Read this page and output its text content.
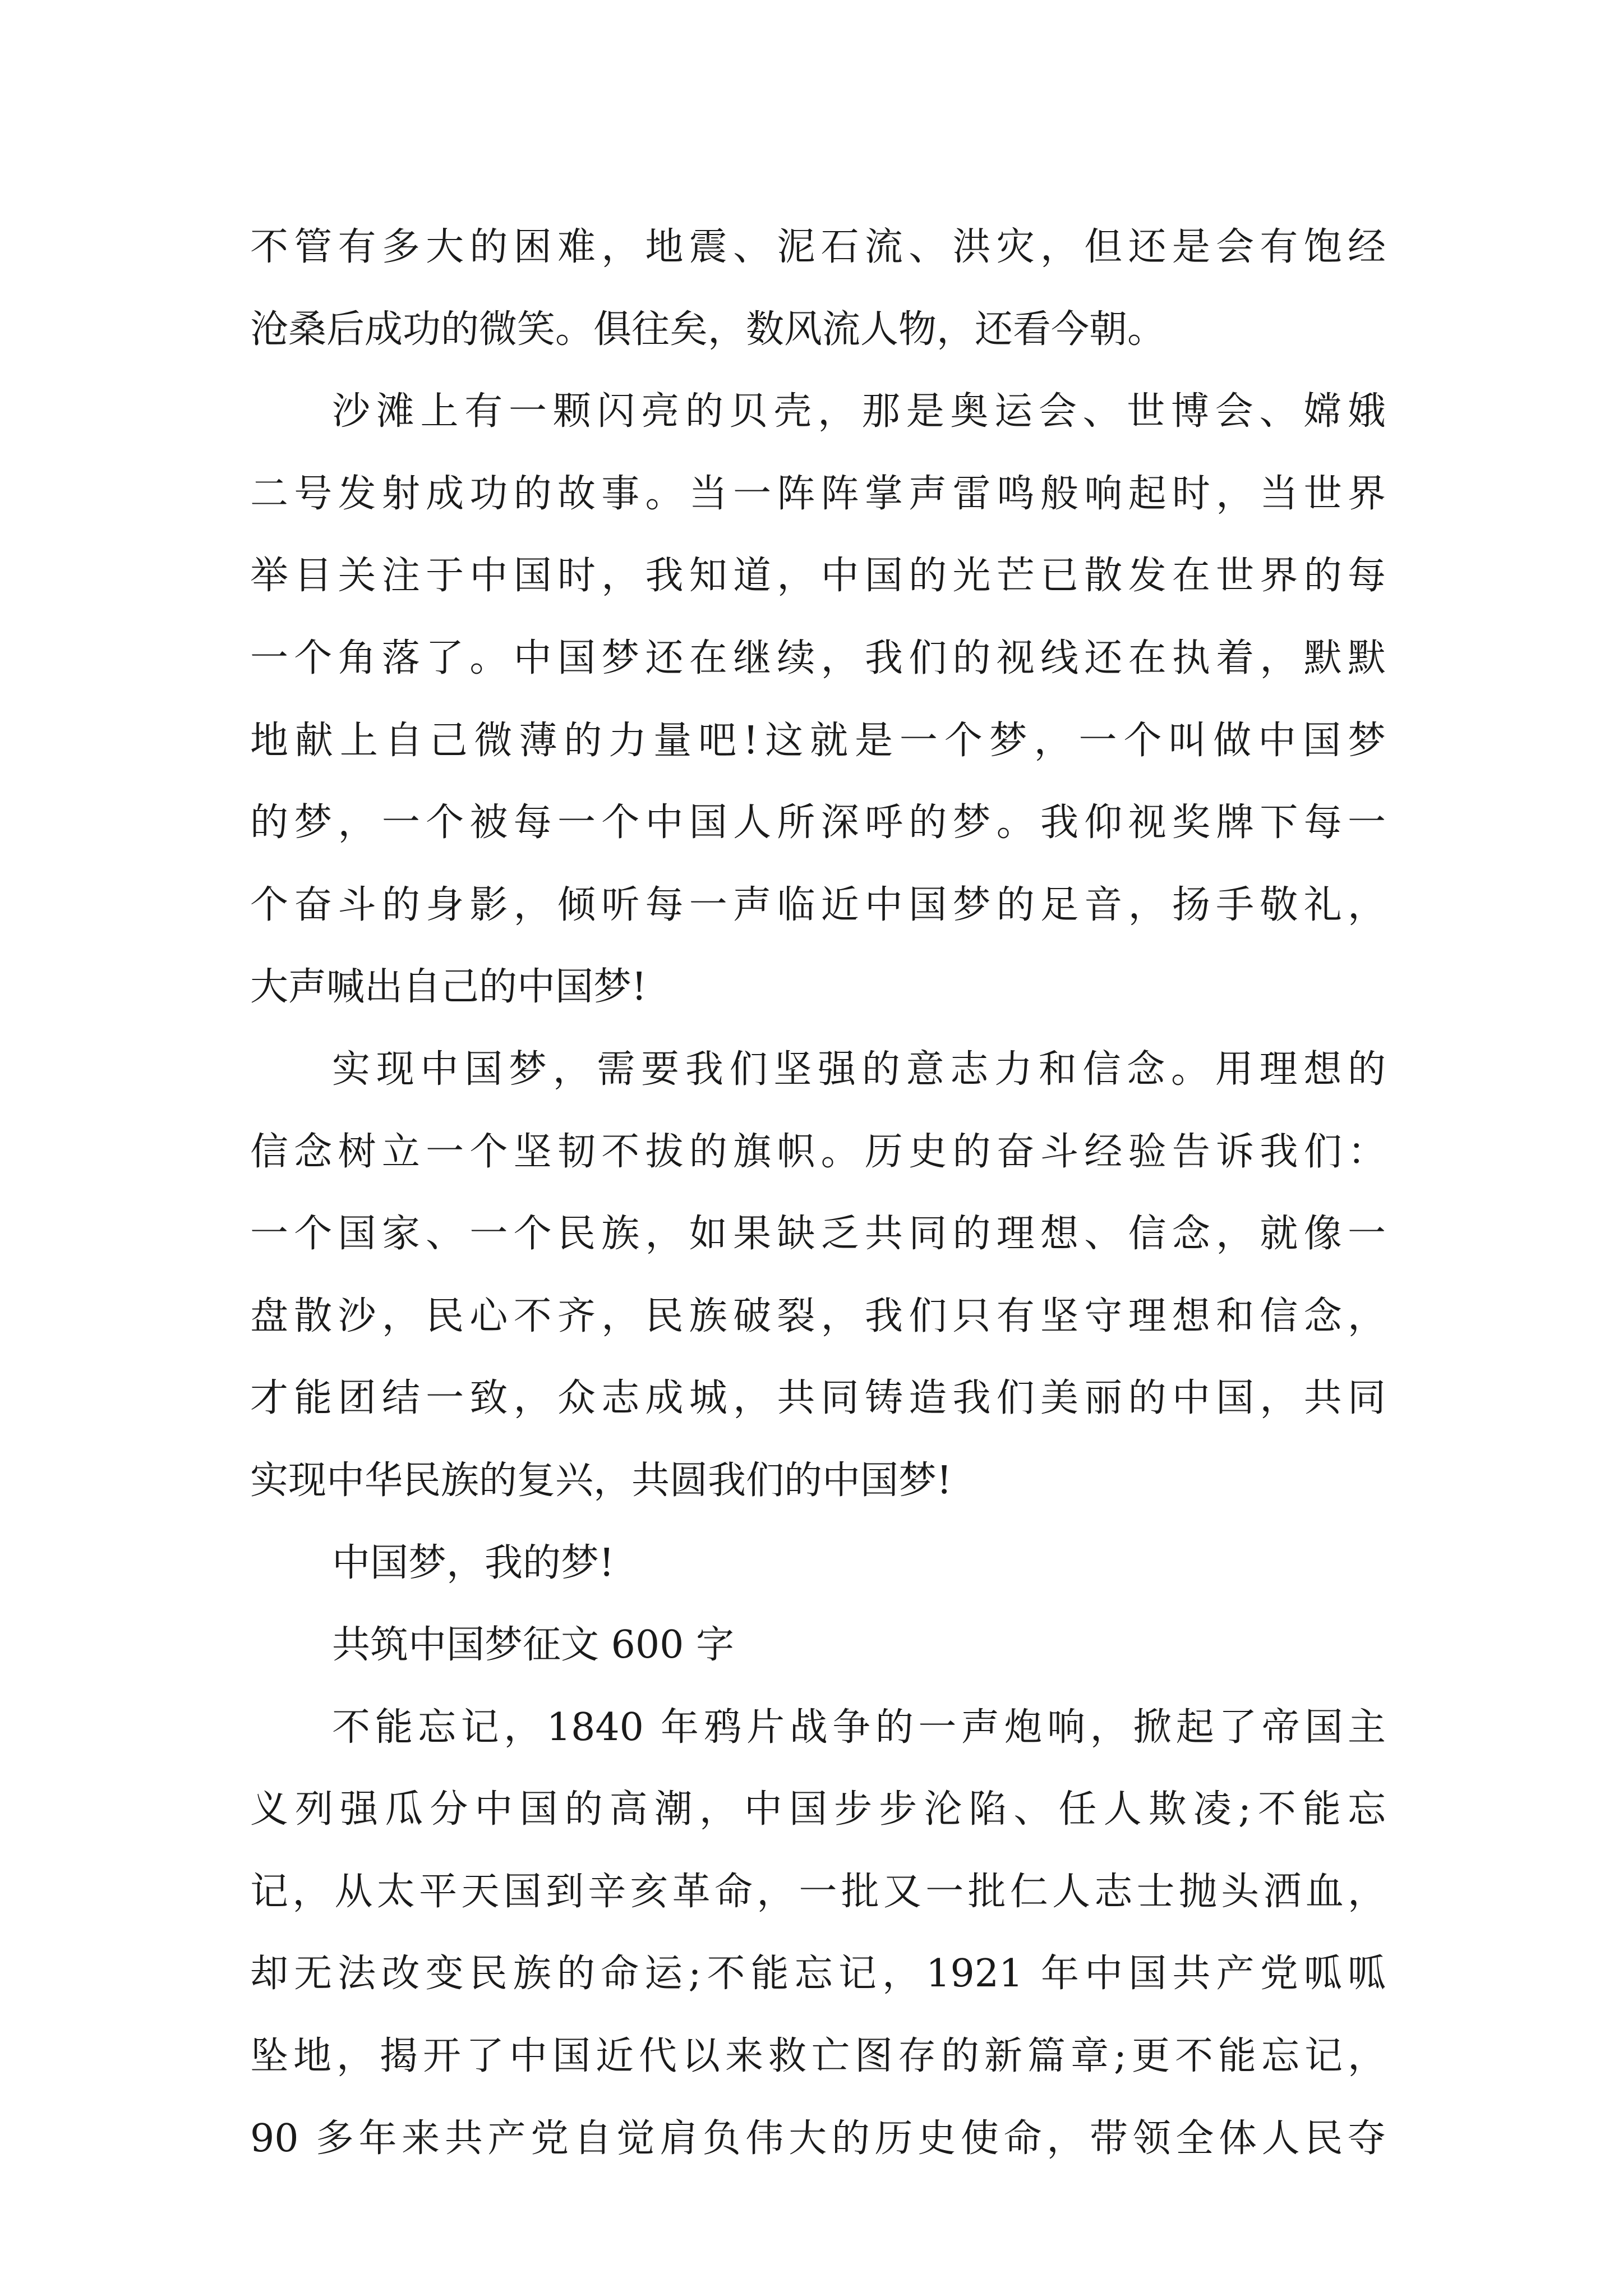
不管有多大的困难，地震、泥石流、洪灾，但还是会有饱经
沧桑后成功的微笑。俱往矣，数风流人物，还看今朝。
沙滩上有一颗闪亮的贝壳，那是奥运会、世博会、嫦娥
二号发射成功的故事。当一阵阵掌声雷鸣般响起时，当世界
举目关注于中国时，我知道，中国的光芒已散发在世界的每
一个角落了。中国梦还在继续，我们的视线还在执着，默默
地献上自己微薄的力量吧!这就是一个梦，一个叫做中国梦
的梦，一个被每一个中国人所深呼的梦。我仰视奖牌下每一
个奋斗的身影，倾听每一声临近中国梦的足音，扬手敬礼，
大声喊出自己的中国梦!
实现中国梦，需要我们坚强的意志力和信念。用理想的
信念树立一个坚韧不拔的旗帜。历史的奋斗经验告诉我们：
一个国家、一个民族，如果缺乏共同的理想、信念，就像一
盘散沙，民心不齐，民族破裂，我们只有坚守理想和信念，
才能团结一致，众志成城，共同铸造我们美丽的中国，共同
实现中华民族的复兴，共圆我们的中国梦!
中国梦，我的梦!
共筑中国梦征文 600 字
不能忘记，1840 年鸦片战争的一声炮响，掀起了帝国主
义列强瓜分中国的高潮，中国步步沦陷、任人欺凌;不能忘
记，从太平天国到辛亥革命，一批又一批仁人志士抛头洒血，
却无法改变民族的命运;不能忘记，1921 年中国共产党呱呱
坠地，揭开了中国近代以来救亡图存的新篇章;更不能忘记，
90 多年来共产党自觉肩负伟大的历史使命，带领全体人民夺
